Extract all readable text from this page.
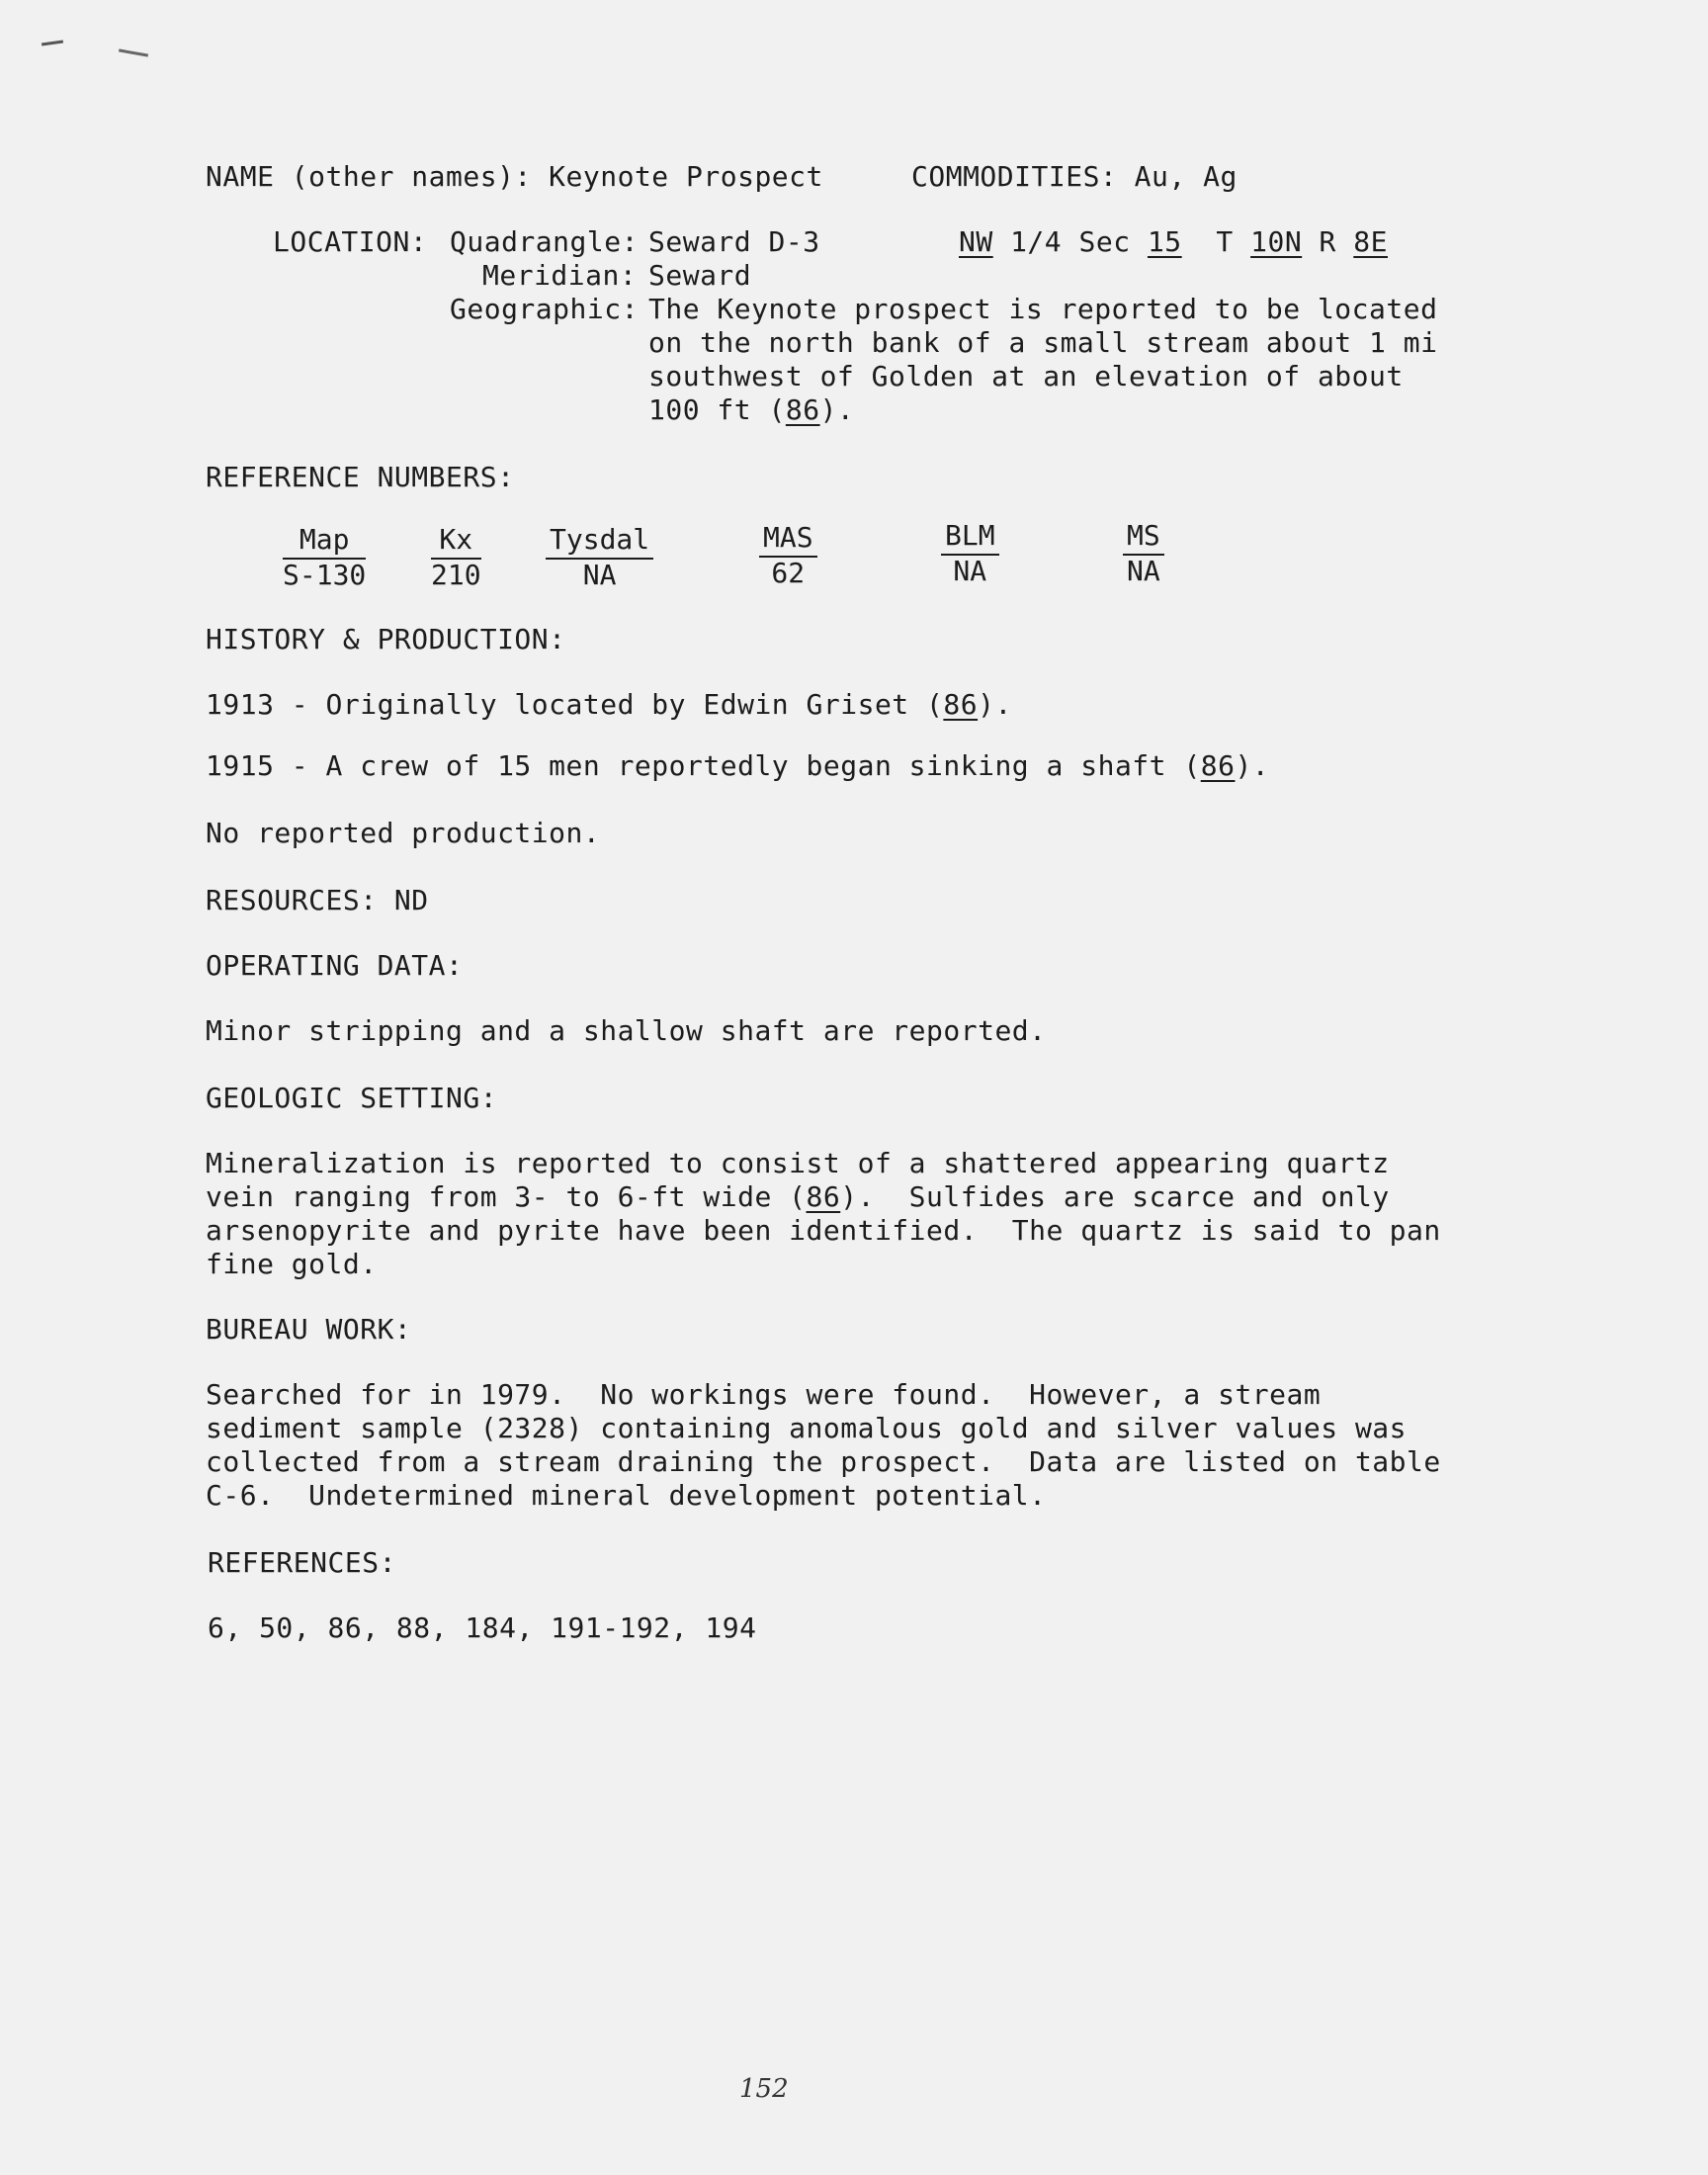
NAME (other names): Keynote Prospect	COMMODITIES: Au, Ag

LOCATION: Quadrangle: Seward D-3	NW 1/4 Sec 15 T 10N R 8E

Meridian: Seward

Geographic: The Keynote prospect is reported to be located

on the north bank of a small stream about 1 mi

southwest of Golden at an elevation of about

100 ft (86).

REFERENCE NUMBERS:

Map
S-130
Kx
210
Tysdal
NA
MAS
62
BLM
NA
MS
NA

HISTORY & PRODUCTION:

1913 - Originally located by Edwin Griset (86).

1915 - A crew of 15 men reportedly began sinking a shaft (86).

No reported production.

RESOURCES: ND

OPERATING DATA:

Minor stripping and a shallow shaft are reported.

GEOLOGIC SETTING:

Mineralization is reported to consist of a shattered appearing quartz

vein ranging from 3- to 6-ft wide (86).  Sulfides are scarce and only

arsenopyrite and pyrite have been identified.  The quartz is said to pan

fine gold.

BUREAU WORK:

Searched for in 1979.  No workings were found.  However, a stream

sediment sample (2328) containing anomalous gold and silver values was

collected from a stream draining the prospect.  Data are listed on table

C-6.  Undetermined mineral development potential.

REFERENCES:

6, 50, 86, 88, 184, 191-192, 194

152
